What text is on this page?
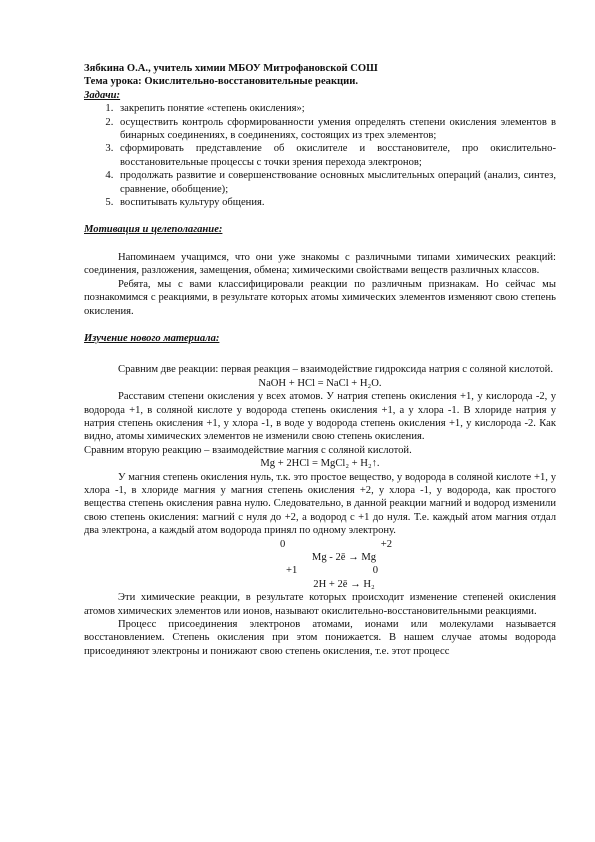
Зябкина О.А., учитель химии МБОУ Митрофановской СОШ

Тема урока: Окислительно-восстановительные реакции.

Задачи:

1. закрепить понятие «степень окисления»;
2. осуществить контроль сформированности умения определять степени окисления элементов в бинарных соединениях, в соединениях, состоящих из трех элементов;
3. сформировать представление об окислителе и восстановителе, про окислительно-восстановительные процессы с точки зрения перехода электронов;
4. продолжать развитие и совершенствование основных мыслительных операций (анализ, синтез, сравнение, обобщение);
5. воспитывать культуру общения.

Мотивация и целеполагание:

Напоминаем учащимся, что они уже знакомы с различными типами химических реакций: соединения, разложения, замещения, обмена; химическими свойствами веществ различных классов.

Ребята, мы с вами классифицировали реакции по различным признакам. Но сейчас мы познакомимся с реакциями, в результате которых атомы химических элементов изменяют свою степень окисления.

Изучение нового материала:

Сравним две реакции: первая реакция – взаимодействие гидроксида натрия с соляной кислотой.

NaOH + HCl = NaCl + H₂O.

Расставим степени окисления у всех атомов. У натрия степень окисления +1, у кислорода -2, у водорода +1, в соляной кислоте у водорода степень окисления +1, а у хлора -1. В хлориде натрия у натрия степень окисления +1, у хлора -1, в воде у водорода степень окисления +1, у кислорода -2. Как видно, атомы химических элементов не изменили свою степень окисления.

Сравним вторую реакцию – взаимодействие магния с соляной кислотой.

Mg + 2HCl = MgCl₂ + H₂↑.

У магния степень окисления нуль, т.к. это простое вещество, у водорода в соляной кислоте +1, у хлора -1, в хлориде магния у магния степень окисления +2, у хлора -1, у водорода, как простого вещества степень окисления равна нулю. Следовательно, в данной реакции магний и водород изменили свою степень окисления: магний с нуля до +2, а водород с +1 до нуля. Т.е. каждый атом магния отдал два электрона, а каждый атом водорода принял по одному электрону.

0	+2
Mg - 2ē → Mg
+1	0
2H + 2ē → H₂

Эти химические реакции, в результате которых происходит изменение степеней окисления атомов химических элементов или ионов, называют окислительно-восстановительными реакциями.

Процесс присоединения электронов атомами, ионами или молекулами называется восстановлением. Степень окисления при этом понижается. В нашем случае атомы водорода присоединяют электроны и понижают свою степень окисления, т.е. этот процесс
